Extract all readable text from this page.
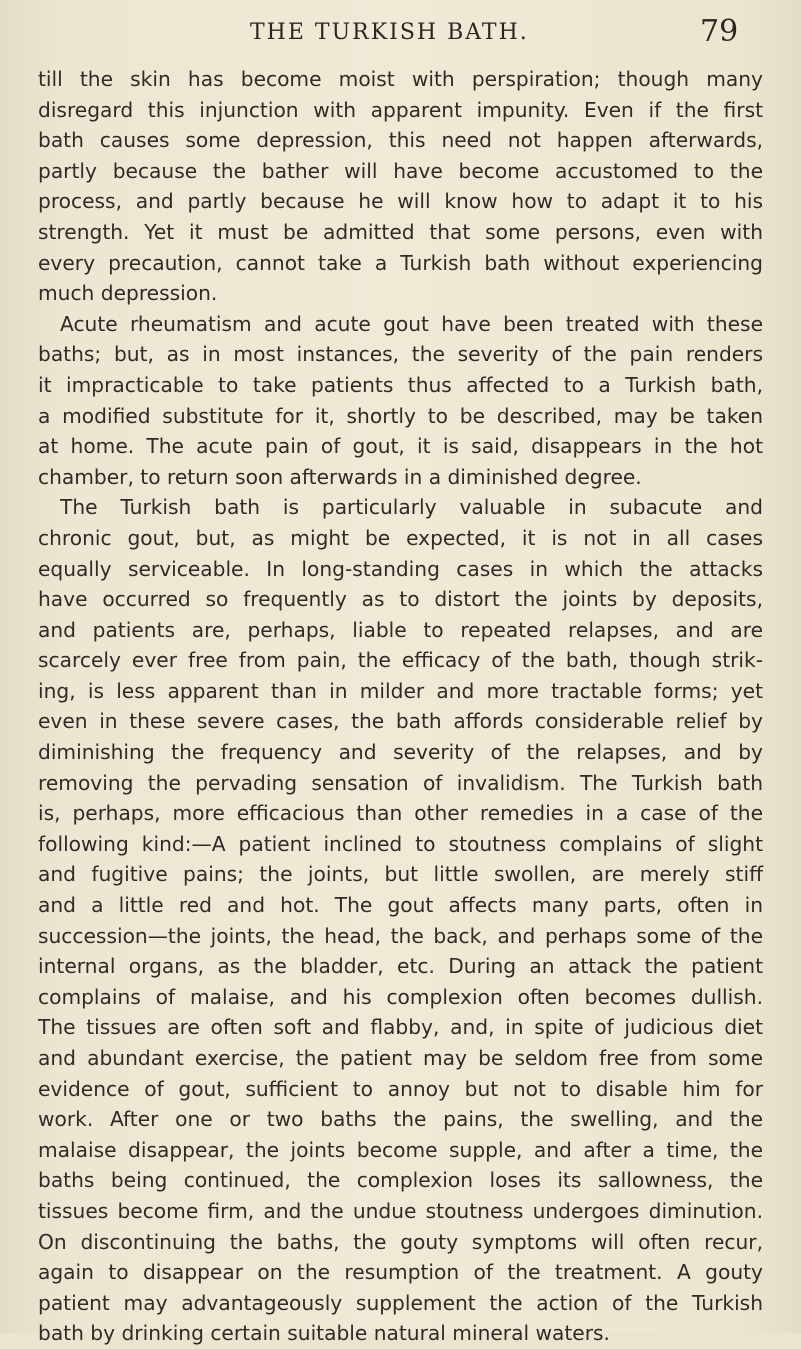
THE TURKISH BATH.	79
till the skin has become moist with perspiration; though many
disregard this injunction with apparent impunity. Even if the first
bath causes some depression, this need not happen afterwards,
partly because the bather will have become accustomed to the
process, and partly because he will know how to adapt it to his
strength. Yet it must be admitted that some persons, even with
every precaution, cannot take a Turkish bath without experiencing
much depression.
Acute rheumatism and acute gout have been treated with these
baths; but, as in most instances, the severity of the pain renders
it impracticable to take patients thus affected to a Turkish bath,
a modified substitute for it, shortly to be described, may be taken
at home. The acute pain of gout, it is said, disappears in the hot
chamber, to return soon afterwards in a diminished degree.
The Turkish bath is particularly valuable in subacute and
chronic gout, but, as might be expected, it is not in all cases
equally serviceable. In long-standing cases in which the attacks
have occurred so frequently as to distort the joints by deposits,
and patients are, perhaps, liable to repeated relapses, and are
scarcely ever free from pain, the efficacy of the bath, though strik-
ing, is less apparent than in milder and more tractable forms; yet
even in these severe cases, the bath affords considerable relief by
diminishing the frequency and severity of the relapses, and by
removing the pervading sensation of invalidism. The Turkish bath
is, perhaps, more efficacious than other remedies in a case of the
following kind:—A patient inclined to stoutness complains of slight
and fugitive pains; the joints, but little swollen, are merely stiff
and a little red and hot. The gout affects many parts, often in
succession—the joints, the head, the back, and perhaps some of the
internal organs, as the bladder, etc. During an attack the patient
complains of malaise, and his complexion often becomes dullish.
The tissues are often soft and flabby, and, in spite of judicious diet
and abundant exercise, the patient may be seldom free from some
evidence of gout, sufficient to annoy but not to disable him for
work. After one or two baths the pains, the swelling, and the
malaise disappear, the joints become supple, and after a time, the
baths being continued, the complexion loses its sallowness, the
tissues become firm, and the undue stoutness undergoes diminution.
On discontinuing the baths, the gouty symptoms will often recur,
again to disappear on the resumption of the treatment. A gouty
patient may advantageously supplement the action of the Turkish
bath by drinking certain suitable natural mineral waters.
